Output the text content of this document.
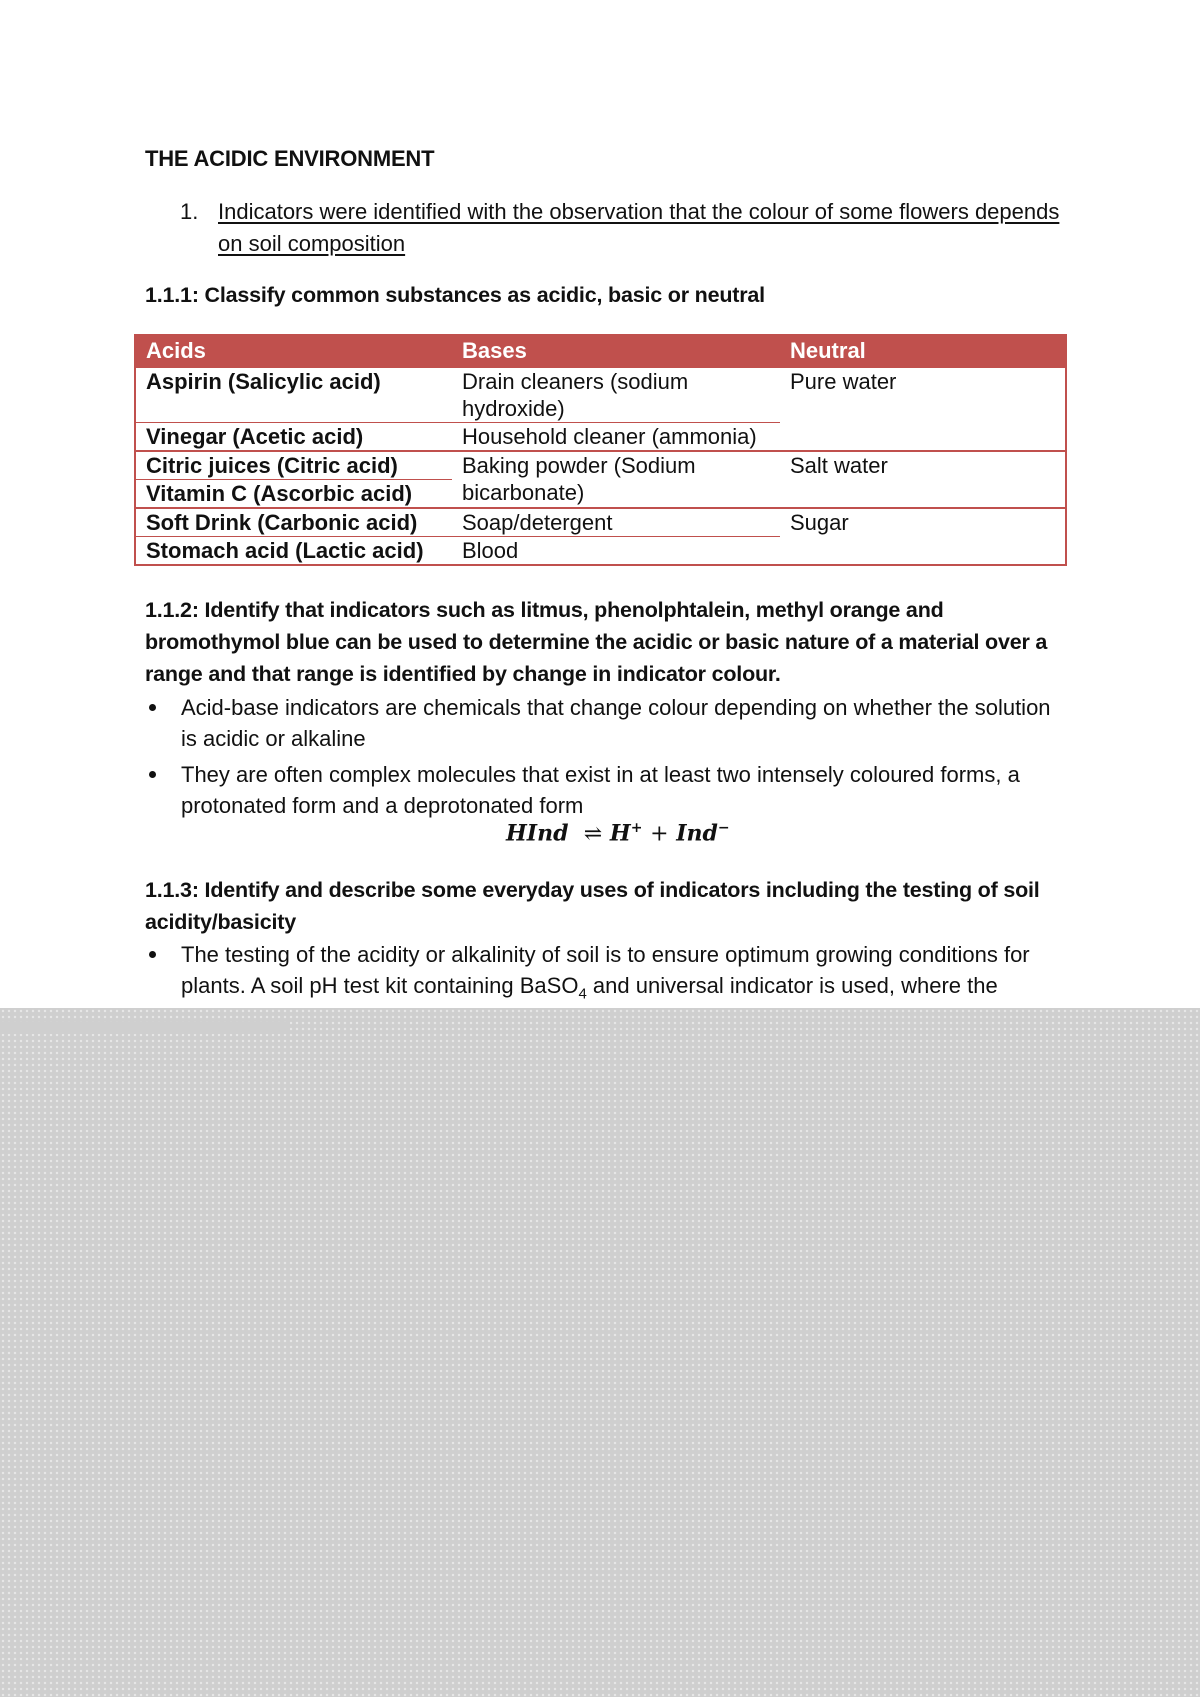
THE ACIDIC ENVIRONMENT
1. Indicators were identified with the observation that the colour of some flowers depends on soil composition
1.1.1: Classify common substances as acidic, basic or neutral
Acids	Bases	Neutral
Aspirin (Salicylic acid)	Drain cleaners (sodium hydroxide)	Pure water
Vinegar (Acetic acid)	Household cleaner (ammonia)	
Citric juices (Citric acid)	Baking powder (Sodium bicarbonate)	Salt water
Vitamin C (Ascorbic acid)		
Soft Drink (Carbonic acid)	Soap/detergent	Sugar
Stomach acid (Lactic acid)	Blood	
1.1.2: Identify that indicators such as litmus, phenolphtalein, methyl orange and bromothymol blue can be used to determine the acidic or basic nature of a material over a range and that range is identified by change in indicator colour.
Acid-base indicators are chemicals that change colour depending on whether the solution is acidic or alkaline
They are often complex molecules that exist in at least two intensely coloured forms, a protonated form and a deprotonated form
HInd ⇌ H+ + Ind−
1.1.3: Identify and describe some everyday uses of indicators including the testing of soil acidity/basicity
The testing of the acidity or alkalinity of soil is to ensure optimum growing conditions for plants. A soil pH test kit containing BaSO$_4$ and universal indicator is used, where the
